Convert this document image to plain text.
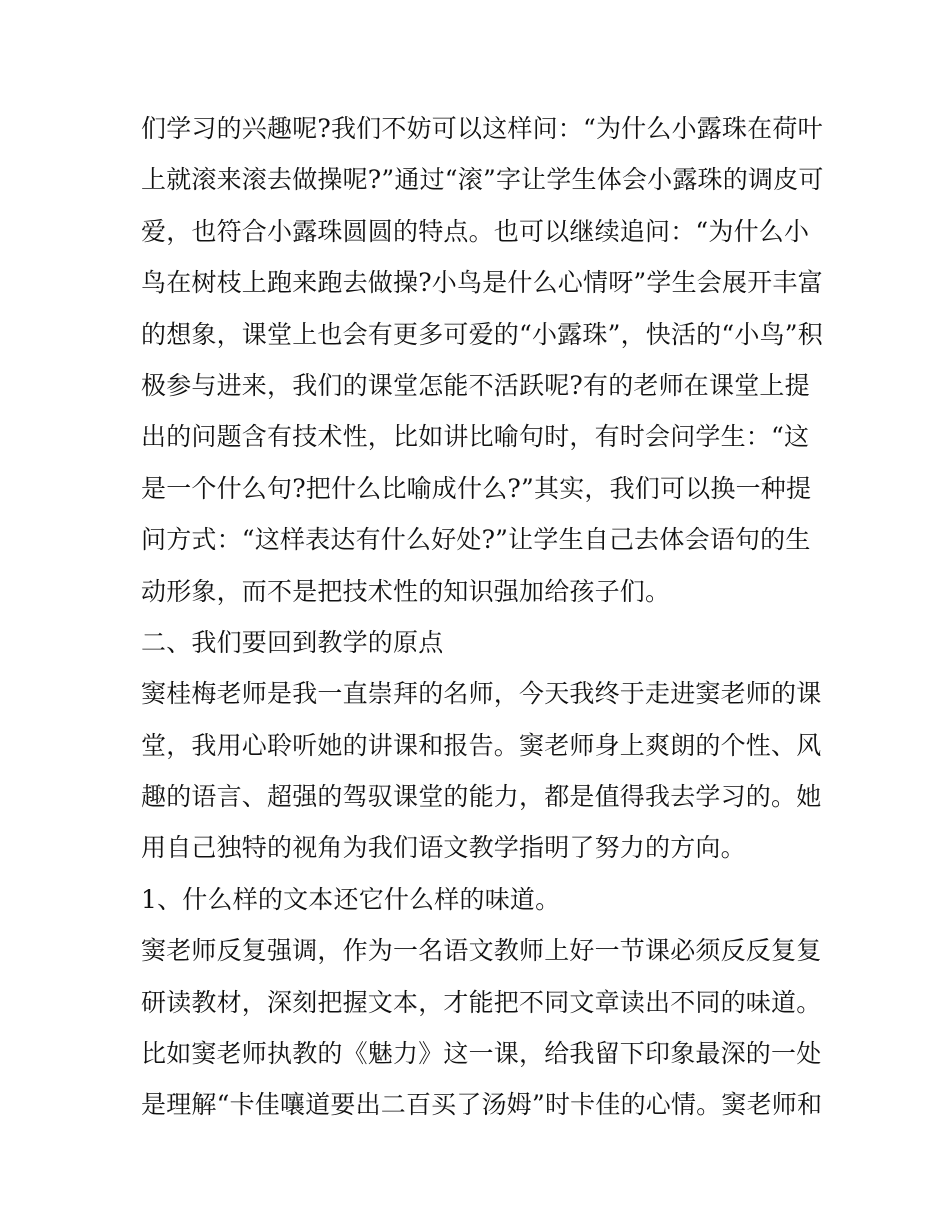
们学习的兴趣呢?我们不妨可以这样问：“为什么小露珠在荷叶
上就滚来滚去做操呢?”通过“滚”字让学生体会小露珠的调皮可
爱，也符合小露珠圆圆的特点。也可以继续追问：“为什么小
鸟在树枝上跑来跑去做操?小鸟是什么心情呀”学生会展开丰富
的想象，课堂上也会有更多可爱的“小露珠”，快活的“小鸟”积
极参与进来，我们的课堂怎能不活跃呢?有的老师在课堂上提
出的问题含有技术性，比如讲比喻句时，有时会问学生：“这
是一个什么句?把什么比喻成什么?”其实，我们可以换一种提
问方式：“这样表达有什么好处?”让学生自己去体会语句的生
动形象，而不是把技术性的知识强加给孩子们。
二、我们要回到教学的原点
窦桂梅老师是我一直崇拜的名师，今天我终于走进窦老师的课
堂，我用心聆听她的讲课和报告。窦老师身上爽朗的个性、风
趣的语言、超强的驾驭课堂的能力，都是值得我去学习的。她
用自己独特的视角为我们语文教学指明了努力的方向。
1、什么样的文本还它什么样的味道。
窦老师反复强调，作为一名语文教师上好一节课必须反反复复
研读教材，深刻把握文本，才能把不同文章读出不同的味道。
比如窦老师执教的《魅力》这一课，给我留下印象最深的一处
是理解“卡佳嚷道要出二百买了汤姆”时卡佳的心情。窦老师和
